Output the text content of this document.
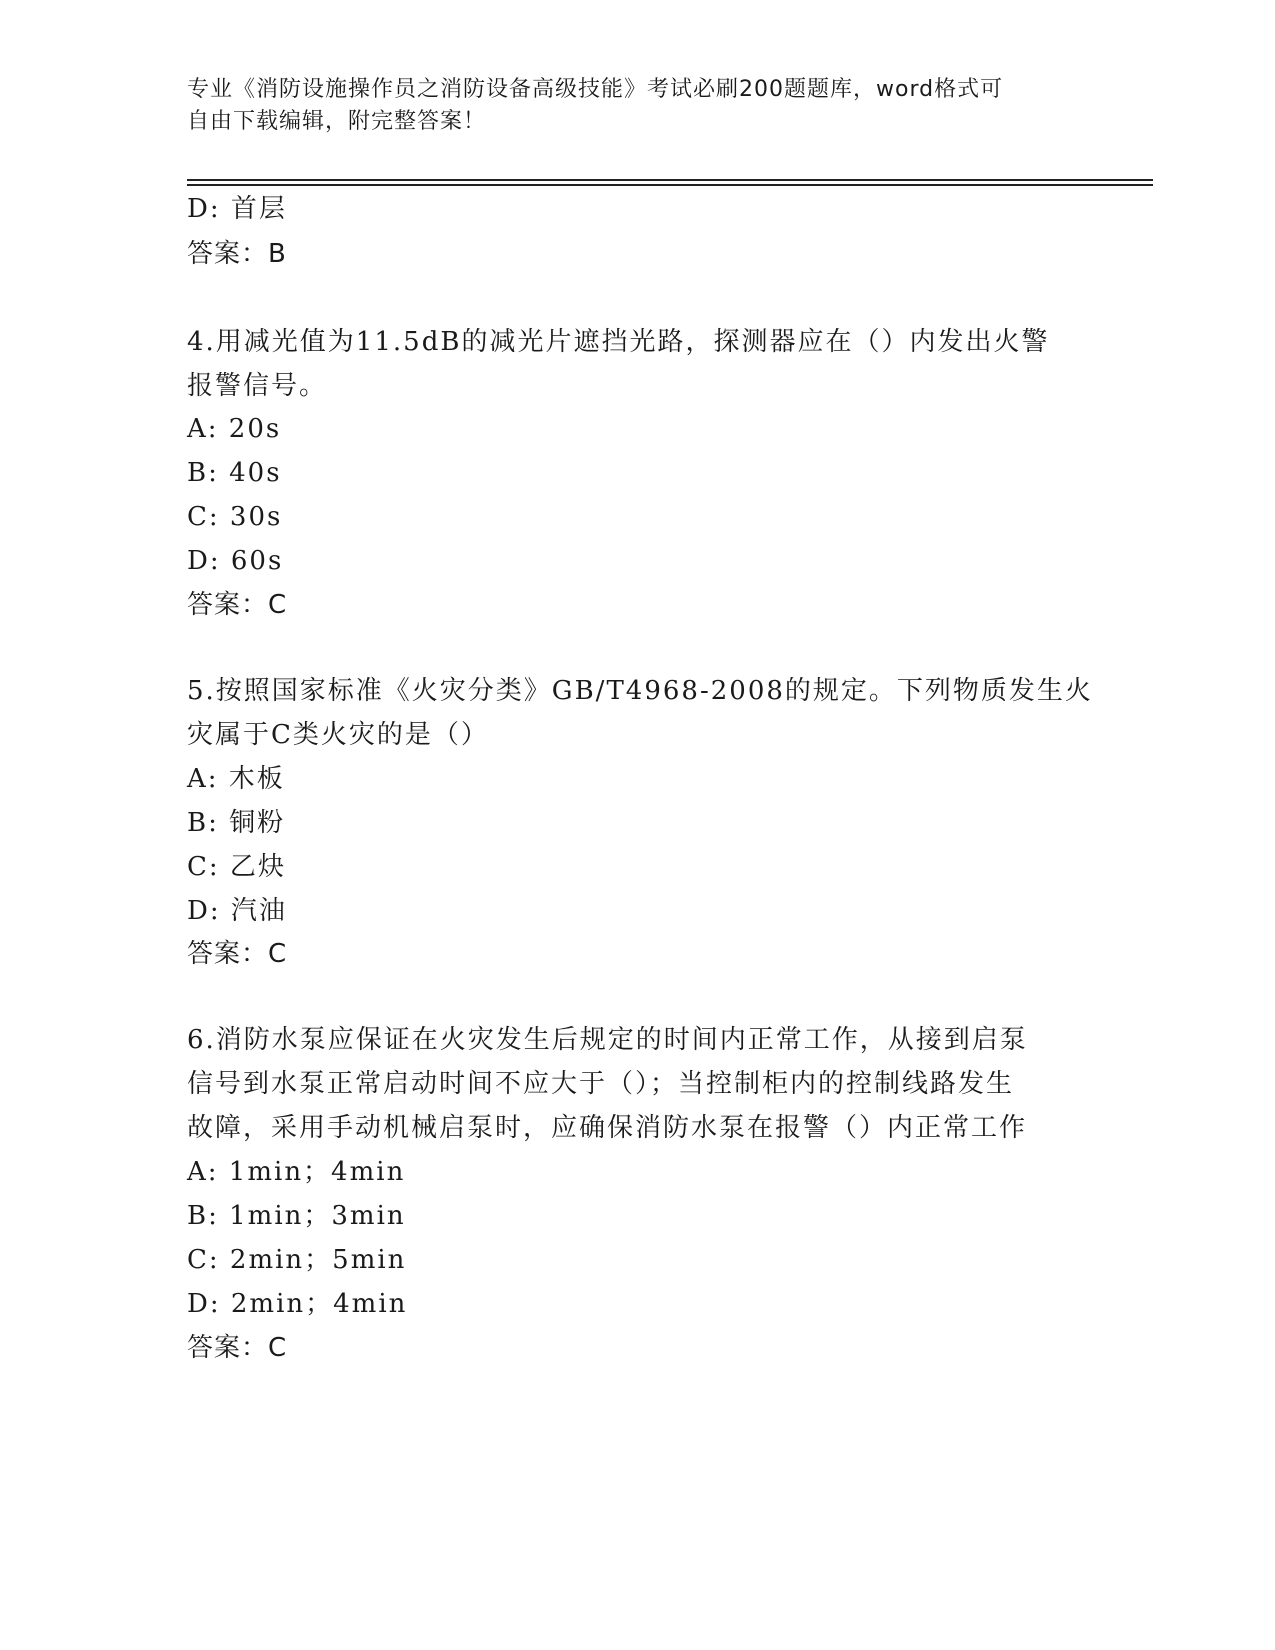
专业《消防设施操作员之消防设备高级技能》考试必刷200题题库，word格式可
自由下载编辑，附完整答案！
D: 首层
答案：B
4.用减光值为11.5dB的减光片遮挡光路，探测器应在（）内发出火警
报警信号。
A: 20s
B: 40s
C: 30s
D: 60s
答案：C
5.按照国家标准《火灾分类》GB/T4968-2008的规定。下列物质发生火
灾属于C类火灾的是（）
A: 木板
B: 铜粉
C: 乙炔
D: 汽油
答案：C
6.消防水泵应保证在火灾发生后规定的时间内正常工作，从接到启泵
信号到水泵正常启动时间不应大于（）；当控制柜内的控制线路发生
故障，采用手动机械启泵时，应确保消防水泵在报警（）内正常工作
A: 1min；4min
B: 1min；3min
C: 2min；5min
D: 2min；4min
答案：C
